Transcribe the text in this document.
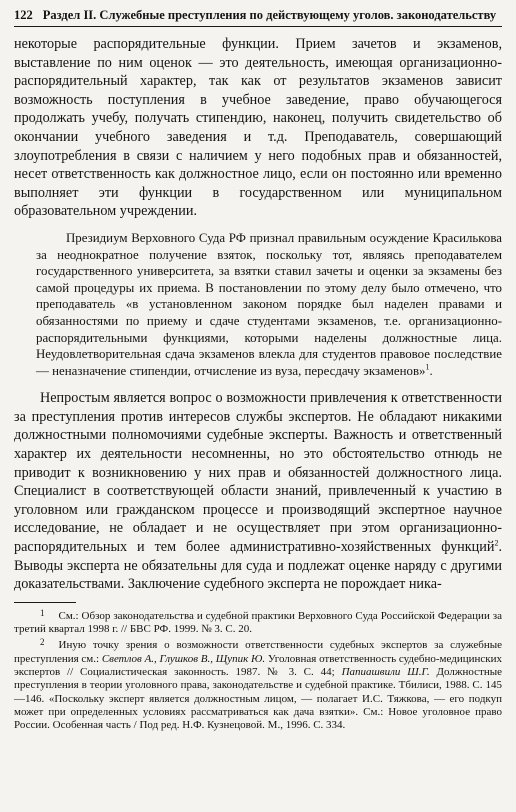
122 Раздел II. Служебные преступления по действующему уголов. законодательству

некоторые распорядительные функции. Прием зачетов и экзаменов, выставление по ним оценок — это деятельность, имеющая организационно-распорядительный характер, так как от результатов экзаменов зависит возможность поступления в учебное заведение, право обучающегося продолжать учебу, получать стипендию, наконец, получить свидетельство об окончании учебного заведения и т.д. Преподаватель, совершающий злоупотребления в связи с наличием у него подобных прав и обязанностей, несет ответственность как должностное лицо, если он постоянно или временно выполняет эти функции в государственном или муниципальном образовательном учреждении.

Президиум Верховного Суда РФ признал правильным осуждение Красилькова за неоднократное получение взяток, поскольку тот, являясь преподавателем государственного университета, за взятки ставил зачеты и оценки за экзамены без самой процедуры их приема. В постановлении по этому делу было отмечено, что преподаватель «в установленном законом порядке был наделен правами и обязанностями по приему и сдаче студентами экзаменов, т.е. организационно-распорядительными функциями, которыми наделены должностные лица. Неудовлетворительная сдача экзаменов влекла для студентов правовое последствие — неназначение стипендии, отчисление из вуза, пересдачу экзаменов»$^1$.

Непростым является вопрос о возможности привлечения к ответственности за преступления против интересов службы экспертов. Не обладают никакими должностными полномочиями судебные эксперты. Важность и ответственный характер их деятельности несомненны, но это обстоятельство отнюдь не приводит к возникновению у них прав и обязанностей должностного лица. Специалист в соответствующей области знаний, привлеченный к участию в уголовном или гражданском процессе и производящий экспертное научное исследование, не обладает и не осуществляет при этом организационно-распорядительных и тем более административно-хозяйственных функций$^2$. Выводы эксперта не обязательны для суда и подлежат оценке наряду с другими доказательствами. Заключение судебного эксперта не порождает ника-

1 См.: Обзор законодательства и судебной практики Верховного Суда Российской Федерации за третий квартал 1998 г. // БВС РФ. 1999. № 3. С. 20.

2 Иную точку зрения о возможности ответственности судебных экспертов за служебные преступления см.: Светлов А., Глушков В., Щупик Ю. Уголовная ответственность судебно-медицинских экспертов // Социалистическая законность. 1987. № 3. С. 44; Папиашвили Ш.Г. Должностные преступления в теории уголовного права, законодательстве и судебной практике. Тбилиси, 1988. С. 145—146. «Поскольку эксперт является должностным лицом, — полагает И.С. Тяжкова, — его подкуп может при определенных условиях рассматриваться как дача взятки». См.: Новое уголовное право России. Особенная часть / Под ред. Н.Ф. Кузнецовой. М., 1996. С. 334.
